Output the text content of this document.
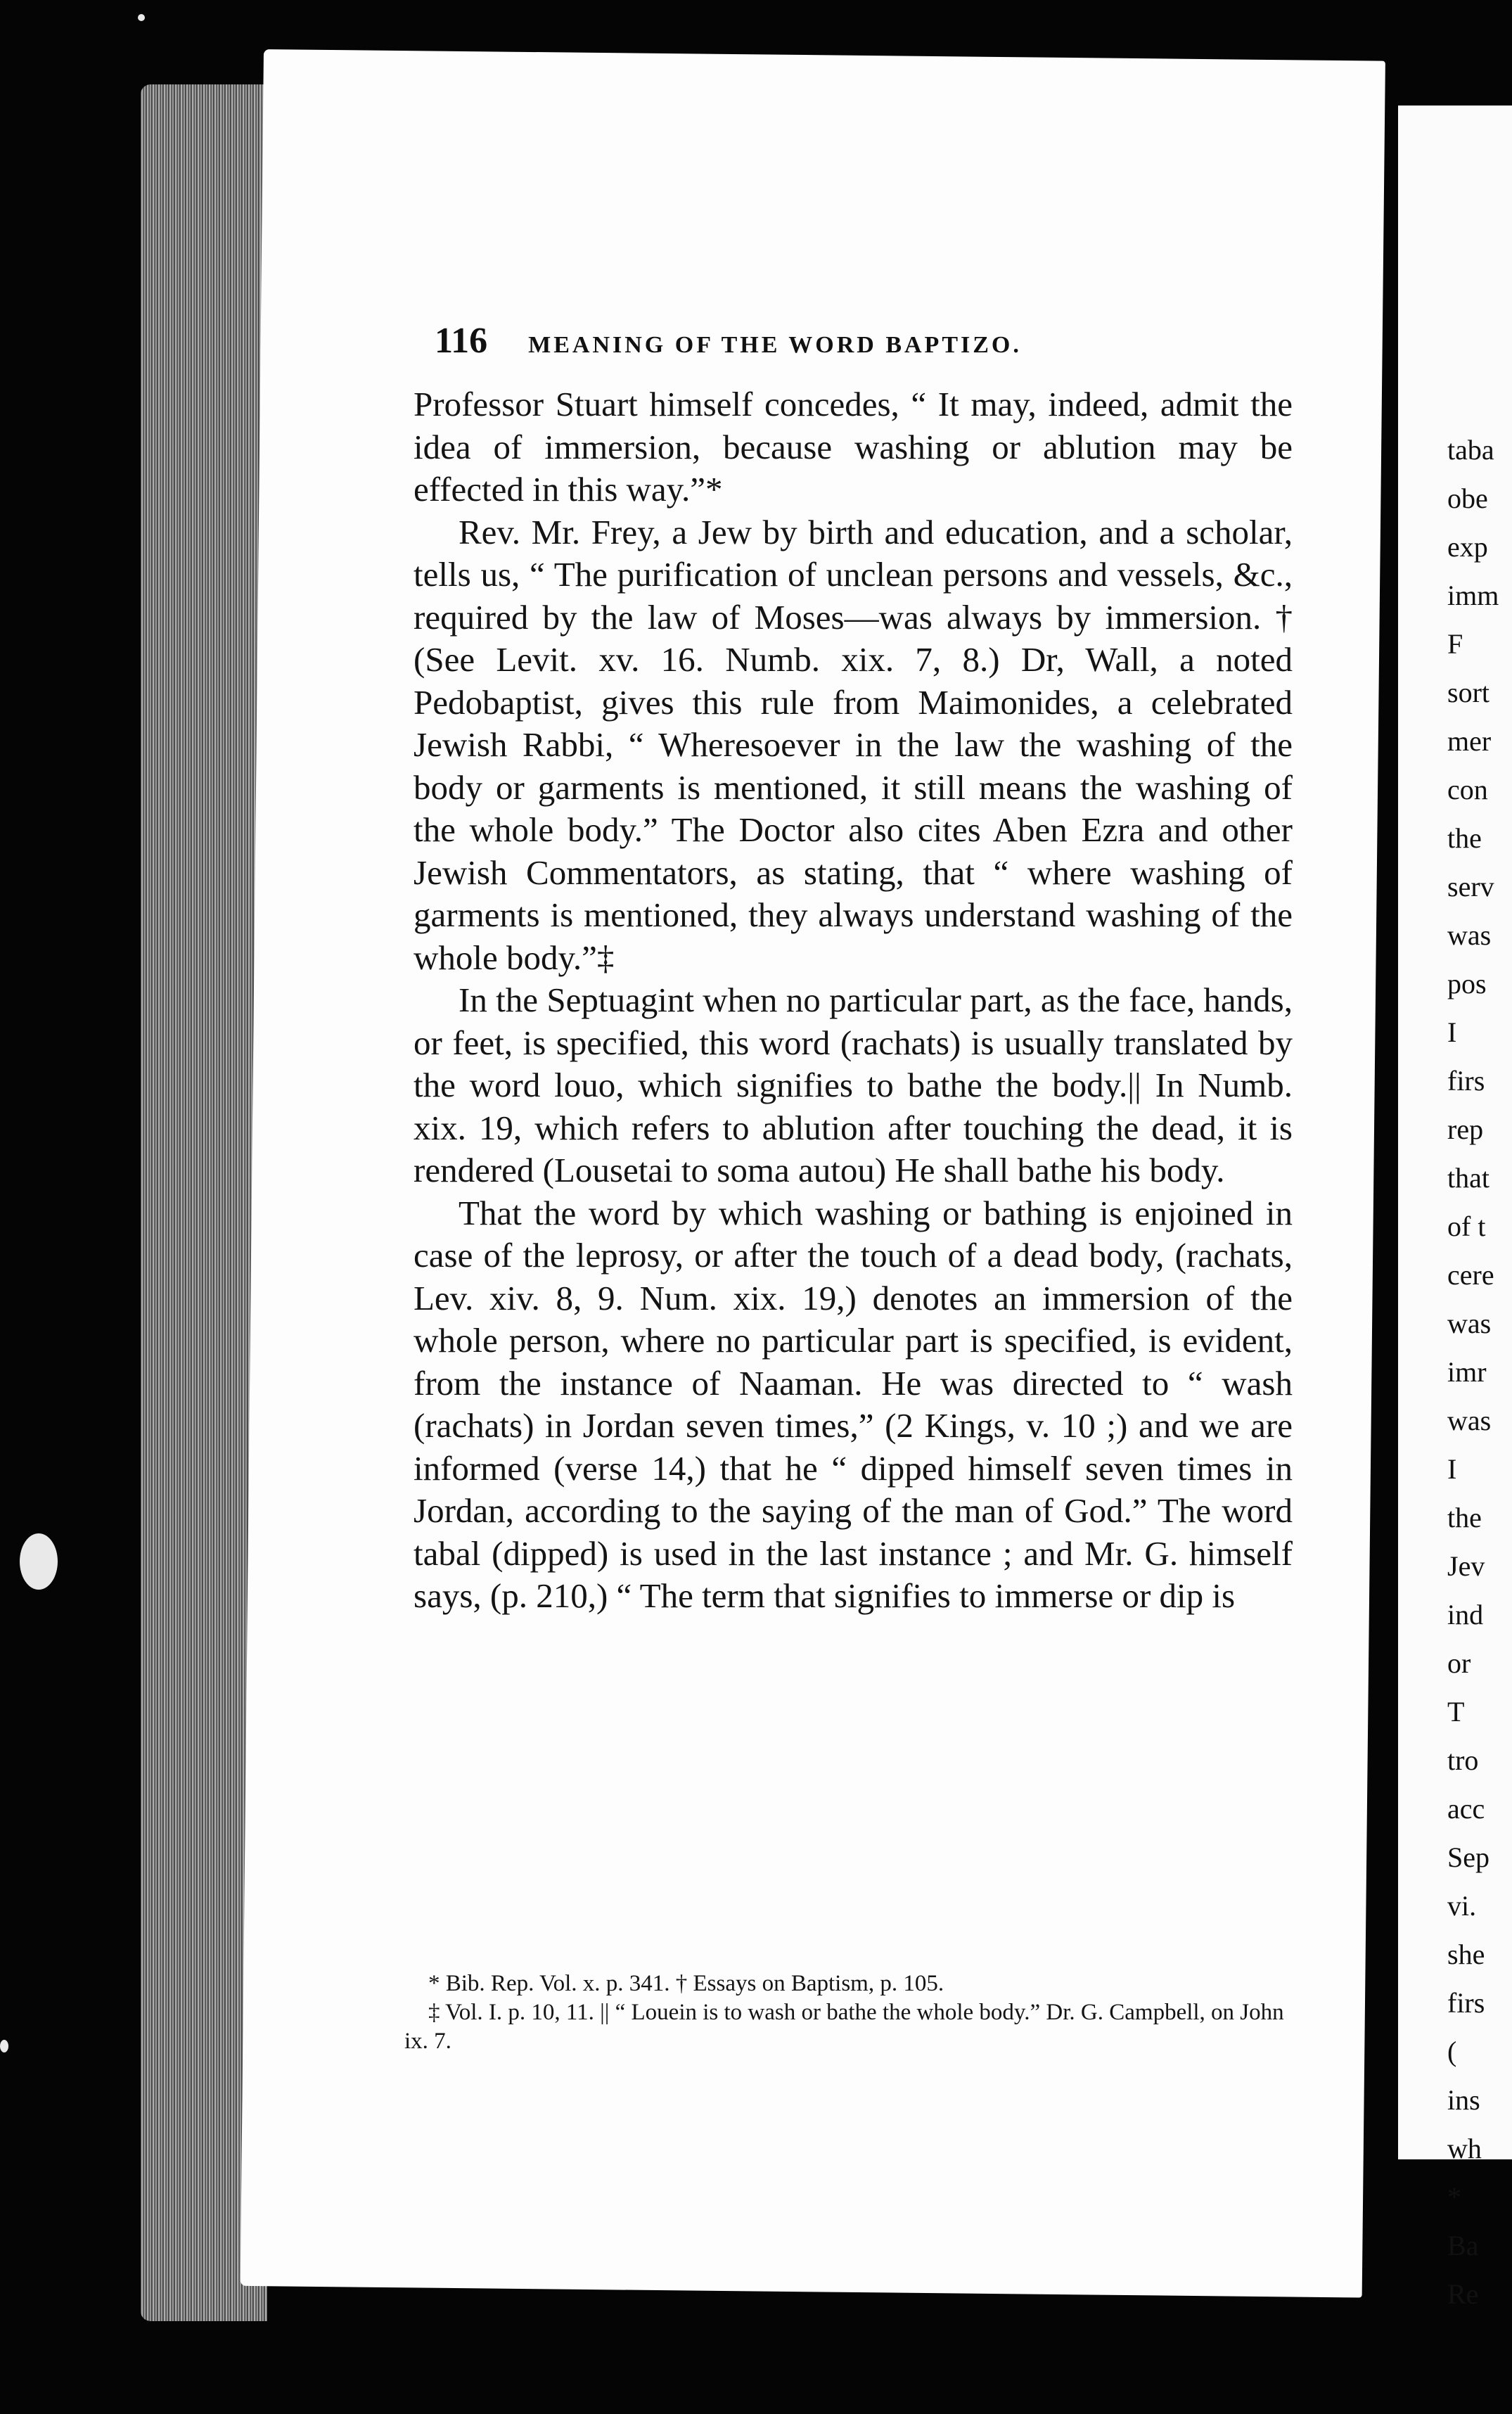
taba
obe
exp
imm
F
sort
mer
con
the
serv
was
pos
I
firs
rep
that
of t
cere
was
imr
was
I
the
Jev
ind
or
T
tro
acc
Sep
vi.
she
firs
(
ins
wh
*
Ba
Re
116 MEANING OF THE WORD BAPTIZO.

Professor Stuart himself concedes, “ It may, indeed, admit the idea of immersion, because washing or ablution may be effected in this way.”*

Rev. Mr. Frey, a Jew by birth and education, and a scholar, tells us, “ The purification of unclean persons and vessels, &c., required by the law of Moses—was always by immersion. † (See Levit. xv. 16. Numb. xix. 7, 8.) Dr, Wall, a noted Pedobaptist, gives this rule from Maimonides, a celebrated Jewish Rabbi, “ Wheresoever in the law the washing of the body or garments is mentioned, it still means the washing of the whole body.” The Doctor also cites Aben Ezra and other Jewish Commentators, as stating, that “ where washing of garments is mentioned, they always understand washing of the whole body.”‡

In the Septuagint when no particular part, as the face, hands, or feet, is specified, this word (rachats) is usually translated by the word louo, which signifies to bathe the body.|| In Numb. xix. 19, which refers to ablution after touching the dead, it is rendered (Lousetai to soma autou) He shall bathe his body.

That the word by which washing or bathing is enjoined in case of the leprosy, or after the touch of a dead body, (rachats, Lev. xiv. 8, 9. Num. xix. 19,) denotes an immersion of the whole person, where no particular part is specified, is evident, from the instance of Naaman. He was directed to “ wash (rachats) in Jordan seven times,” (2 Kings, v. 10 ;) and we are informed (verse 14,) that he “ dipped himself seven times in Jordan, according to the saying of the man of God.” The word tabal (dipped) is used in the last instance ; and Mr. G. himself says, (p. 210,) “ The term that signifies to immerse or dip is

* Bib. Rep. Vol. x. p. 341. † Essays on Baptism, p. 105.

‡ Vol. I. p. 10, 11. || “ Louein is to wash or bathe the whole body.” Dr. G. Campbell, on John ix. 7.
